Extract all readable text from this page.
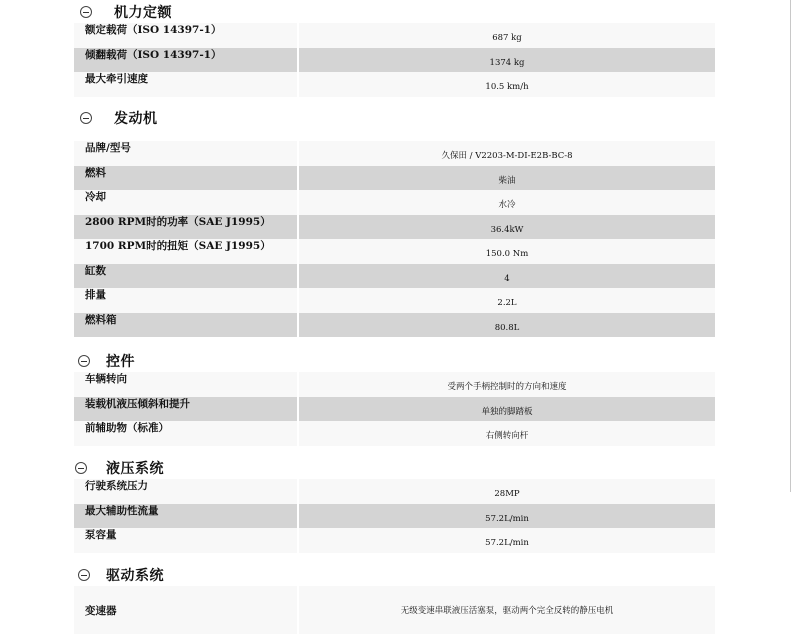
机力定额
额定载荷（ISO 14397-1）
687 kg
倾翻载荷（ISO 14397-1）
1374 kg
最大牵引速度
10.5 km/h
发动机
品牌/型号
久保田 / V2203-M-DI-E2B-BC-8
燃料
柴油
冷却
水冷
2800 RPM时的功率（SAE J1995）
36.4kW
1700 RPM时的扭矩（SAE J1995）
150.0 Nm
缸数
4
排量
2.2L
燃料箱
80.8L
控件
车辆转向
受两个手柄控制时的方向和速度
装载机液压倾斜和提升
单独的脚踏板
前辅助物（标准）
右侧转向杆
液压系统
行驶系统压力
28MP
最大辅助性流量
57.2L/min
泵容量
57.2L/min
驱动系统
变速器	无级变速串联液压活塞泵，驱动两个完全反转的静压电机
